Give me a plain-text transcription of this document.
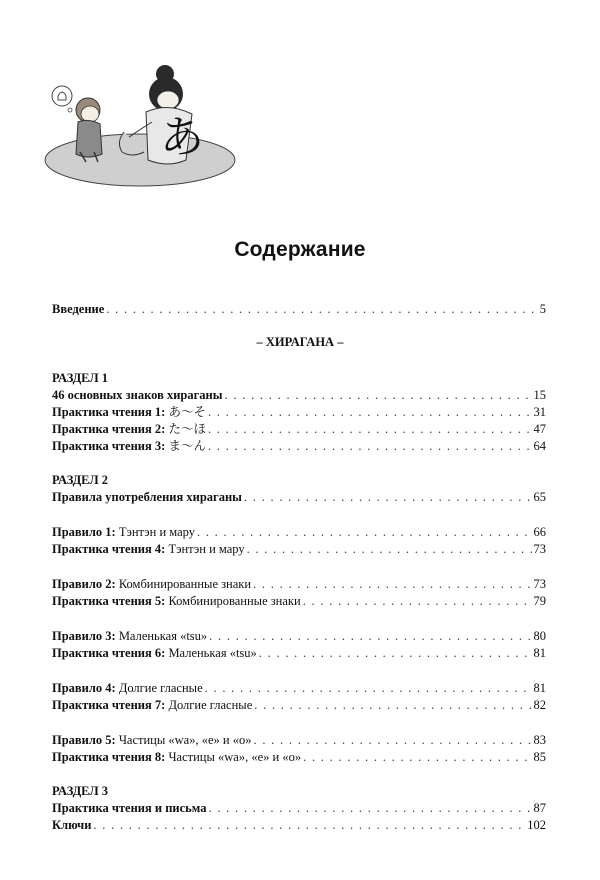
あ
Содержание
Введение . . .	5
– ХИРАГАНА –
РАЗДЕЛ 1
46 основных знаков хираганы . . .	15
Практика чтения 1: あ～そ . . .	31
Практика чтения 2: た～ほ . . .	47
Практика чтения 3: ま～ん . . .	64
РАЗДЕЛ 2
Правила употребления хираганы . . .	65
Правило 1: Тэнтэн и мару . . .	66
Практика чтения 4: Тэнтэн и мару . . .	73
Правило 2: Комбинированные знаки . . .	73
Практика чтения 5: Комбинированные знаки . . .	79
Правило 3: Маленькая «tsu» . . .	80
Практика чтения 6: Маленькая «tsu» . . .	81
Правило 4: Долгие гласные . . .	81
Практика чтения 7: Долгие гласные . . .	82
Правило 5: Частицы «wa», «e» и «o» . . .	83
Практика чтения 8: Частицы «wa», «e» и «o» . . .	85
РАЗДЕЛ 3
Практика чтения и письма . . .	87
Ключи . . .	102
